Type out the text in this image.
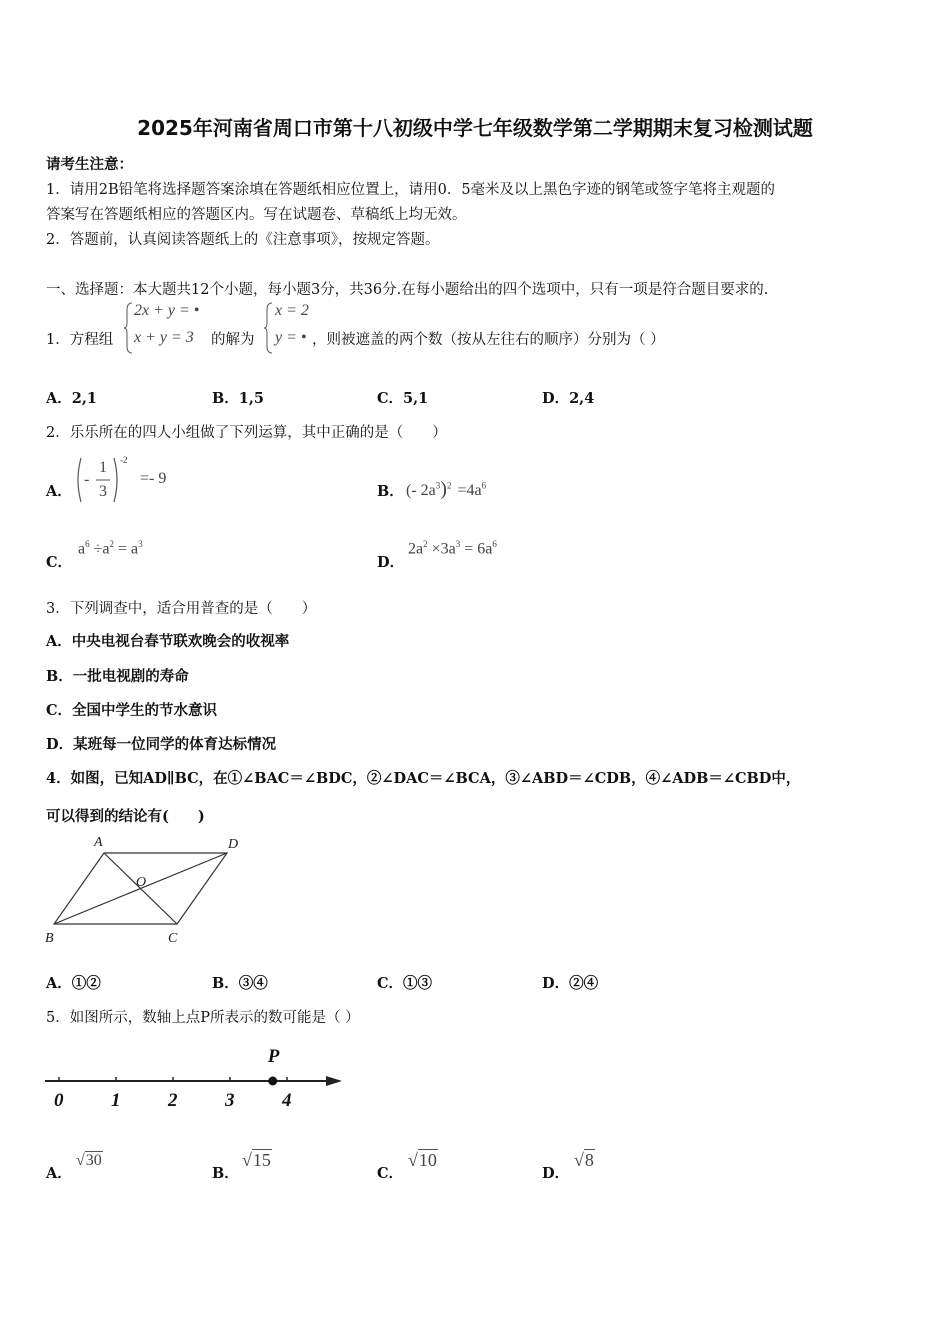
2025年河南省周口市第十八初级中学七年级数学第二学期期末复习检测试题
请考生注意：
1．请用2B铅笔将选择题答案涂填在答题纸相应位置上，请用0．5毫米及以上黑色字迹的钢笔或签字笔将主观题的
答案写在答题纸相应的答题区内。写在试题卷、草稿纸上均无效。
2．答题前，认真阅读答题纸上的《注意事项》，按规定答题。
一、选择题：本大题共12个小题，每小题3分，共36分.在每小题给出的四个选项中，只有一项是符合题目要求的.
1．方程组
2x + y = •
x + y = 3 的解为
x = 2
y = • ，则被遮盖的两个数（按从左往右的顺序）分别为（ ）
A．2,1	B．1,5	C．5,1	D．2,4
2．乐乐所在的四人小组做了下列运算，其中正确的是（　　）
A．
-
1
3
-2
=- 9
B． (- $2a^3)^2 =4a^6$
C．
$a^6 \div a^2 = a^3$
D．
$2a^2 \times 3a^3 = 6a^6$
3．下列调查中，适合用普查的是（　　）
A．中央电视台春节联欢晚会的收视率
B．一批电视剧的寿命
C．全国中学生的节水意识
D．某班每一位同学的体育达标情况
4．如图，已知AD∥BC，在①∠BAC＝∠BDC，②∠DAC＝∠BCA，③∠ABD＝∠CDB，④∠ADB＝∠CBD中，
可以得到的结论有(　　)
A	D
O
B	C
A．①②	B．③④	C．①③	D．②④
5．如图所示，数轴上点P所表示的数可能是（ ）
0	1	2	3	4
P
A．
√30
B．
√15
C．
√10
D．
√8
